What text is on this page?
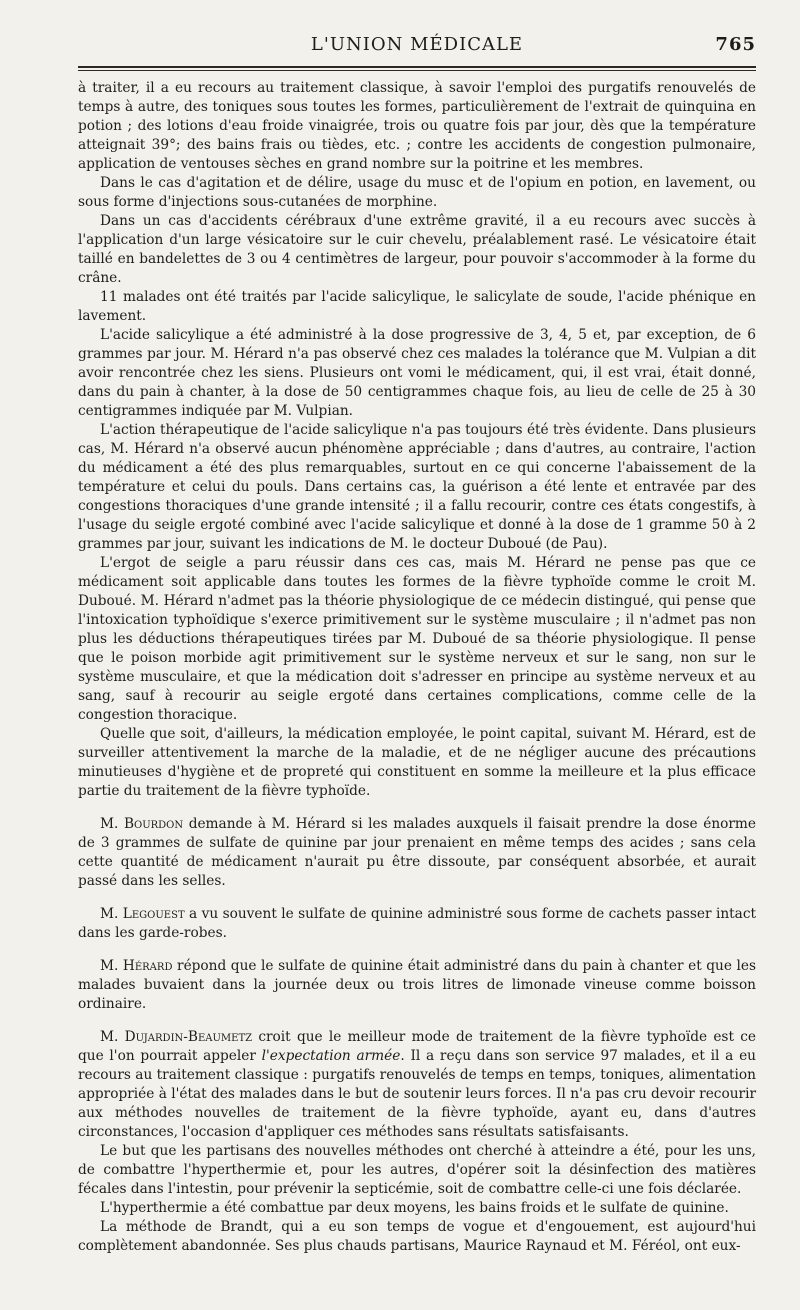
L'UNION MÉDICALE	765

à traiter, il a eu recours au traitement classique, à savoir l'emploi des purgatifs renouvelés de temps à autre, des toniques sous toutes les formes, particulièrement de l'extrait de quinquina en potion ; des lotions d'eau froide vinaigrée, trois ou quatre fois par jour, dès que la température atteignait 39°; des bains frais ou tièdes, etc. ; contre les accidents de congestion pulmonaire, application de ventouses sèches en grand nombre sur la poitrine et les membres.

Dans le cas d'agitation et de délire, usage du musc et de l'opium en potion, en lavement, ou sous forme d'injections sous-cutanées de morphine.

Dans un cas d'accidents cérébraux d'une extrême gravité, il a eu recours avec succès à l'application d'un large vésicatoire sur le cuir chevelu, préalablement rasé. Le vésicatoire était taillé en bandelettes de 3 ou 4 centimètres de largeur, pour pouvoir s'accommoder à la forme du crâne.

11 malades ont été traités par l'acide salicylique, le salicylate de soude, l'acide phénique en lavement.

L'acide salicylique a été administré à la dose progressive de 3, 4, 5 et, par exception, de 6 grammes par jour. M. Hérard n'a pas observé chez ces malades la tolérance que M. Vulpian a dit avoir rencontrée chez les siens. Plusieurs ont vomi le médicament, qui, il est vrai, était donné, dans du pain à chanter, à la dose de 50 centigrammes chaque fois, au lieu de celle de 25 à 30 centigrammes indiquée par M. Vulpian.

L'action thérapeutique de l'acide salicylique n'a pas toujours été très évidente. Dans plusieurs cas, M. Hérard n'a observé aucun phénomène appréciable ; dans d'autres, au contraire, l'action du médicament a été des plus remarquables, surtout en ce qui concerne l'abaissement de la température et celui du pouls. Dans certains cas, la guérison a été lente et entravée par des congestions thoraciques d'une grande intensité ; il a fallu recourir, contre ces états congestifs, à l'usage du seigle ergoté combiné avec l'acide salicylique et donné à la dose de 1 gramme 50 à 2 grammes par jour, suivant les indications de M. le docteur Duboué (de Pau).

L'ergot de seigle a paru réussir dans ces cas, mais M. Hérard ne pense pas que ce médicament soit applicable dans toutes les formes de la fièvre typhoïde comme le croit M. Duboué. M. Hérard n'admet pas la théorie physiologique de ce médecin distingué, qui pense que l'intoxication typhoïdique s'exerce primitivement sur le système musculaire ; il n'admet pas non plus les déductions thérapeutiques tirées par M. Duboué de sa théorie physiologique. Il pense que le poison morbide agit primitivement sur le système nerveux et sur le sang, non sur le système musculaire, et que la médication doit s'adresser en principe au système nerveux et au sang, sauf à recourir au seigle ergoté dans certaines complications, comme celle de la congestion thoracique.

Quelle que soit, d'ailleurs, la médication employée, le point capital, suivant M. Hérard, est de surveiller attentivement la marche de la maladie, et de ne négliger aucune des précautions minutieuses d'hygiène et de propreté qui constituent en somme la meilleure et la plus efficace partie du traitement de la fièvre typhoïde.

M. Bourdon demande à M. Hérard si les malades auxquels il faisait prendre la dose énorme de 3 grammes de sulfate de quinine par jour prenaient en même temps des acides ; sans cela cette quantité de médicament n'aurait pu être dissoute, par conséquent absorbée, et aurait passé dans les selles.

M. Legouest a vu souvent le sulfate de quinine administré sous forme de cachets passer intact dans les garde-robes.

M. Hérard répond que le sulfate de quinine était administré dans du pain à chanter et que les malades buvaient dans la journée deux ou trois litres de limonade vineuse comme boisson ordinaire.

M. Dujardin-Beaumetz croit que le meilleur mode de traitement de la fièvre typhoïde est ce que l'on pourrait appeler l'expectation armée. Il a reçu dans son service 97 malades, et il a eu recours au traitement classique : purgatifs renouvelés de temps en temps, toniques, alimentation appropriée à l'état des malades dans le but de soutenir leurs forces. Il n'a pas cru devoir recourir aux méthodes nouvelles de traitement de la fièvre typhoïde, ayant eu, dans d'autres circonstances, l'occasion d'appliquer ces méthodes sans résultats satisfaisants.

Le but que les partisans des nouvelles méthodes ont cherché à atteindre a été, pour les uns, de combattre l'hyperthermie et, pour les autres, d'opérer soit la désinfection des matières fécales dans l'intestin, pour prévenir la septicémie, soit de combattre celle-ci une fois déclarée.

L'hyperthermie a été combattue par deux moyens, les bains froids et le sulfate de quinine.

La méthode de Brandt, qui a eu son temps de vogue et d'engouement, est aujourd'hui complètement abandonnée. Ses plus chauds partisans, Maurice Raynaud et M. Féréol, ont eux-
